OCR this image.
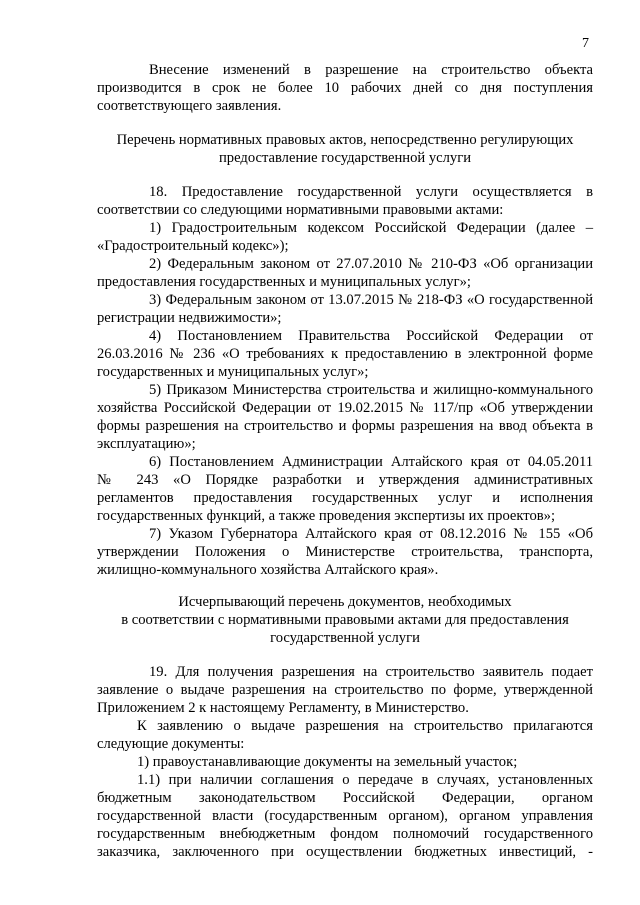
7
Внесение изменений в разрешение на строительство объекта
производится в срок не более 10 рабочих дней со дня поступления
соответствующего заявления.
Перечень нормативных правовых актов, непосредственно регулирующих
предоставление государственной услуги
18. Предоставление государственной услуги осуществляется в
соответствии со следующими нормативными правовыми актами:
1) Градостроительным кодексом Российской Федерации (далее –
«Градостроительный кодекс»);
2) Федеральным законом от 27.07.2010 № 210-ФЗ «Об организации
предоставления государственных и муниципальных услуг»;
3) Федеральным законом от 13.07.2015 № 218-ФЗ «О государственной
регистрации недвижимости»;
4) Постановлением Правительства Российской Федерации от
26.03.2016 № 236 «О требованиях к предоставлению в электронной форме
государственных и муниципальных услуг»;
5) Приказом Министерства строительства и жилищно-коммунального
хозяйства Российской Федерации от 19.02.2015 № 117/пр «Об утверждении
формы разрешения на строительство и формы разрешения на ввод объекта в
эксплуатацию»;
6) Постановлением Администрации Алтайского края от 04.05.2011
№ 243 «О Порядке разработки и утверждения административных
регламентов предоставления государственных услуг и исполнения
государственных функций, а также проведения экспертизы их проектов»;
7) Указом Губернатора Алтайского края от 08.12.2016 № 155 «Об
утверждении Положения о Министерстве строительства, транспорта,
жилищно-коммунального хозяйства Алтайского края».
Исчерпывающий перечень документов, необходимых
в соответствии с нормативными правовыми актами для предоставления
государственной услуги
19. Для получения разрешения на строительство заявитель подает
заявление о выдаче разрешения на строительство по форме, утвержденной
Приложением 2 к настоящему Регламенту, в Министерство.
К заявлению о выдаче разрешения на строительство прилагаются
следующие документы:
1) правоустанавливающие документы на земельный участок;
1.1) при наличии соглашения о передаче в случаях, установленных
бюджетным законодательством Российской Федерации, органом
государственной власти (государственным органом), органом управления
государственным внебюджетным фондом полномочий государственного
заказчика, заключенного при осуществлении бюджетных инвестиций, -
